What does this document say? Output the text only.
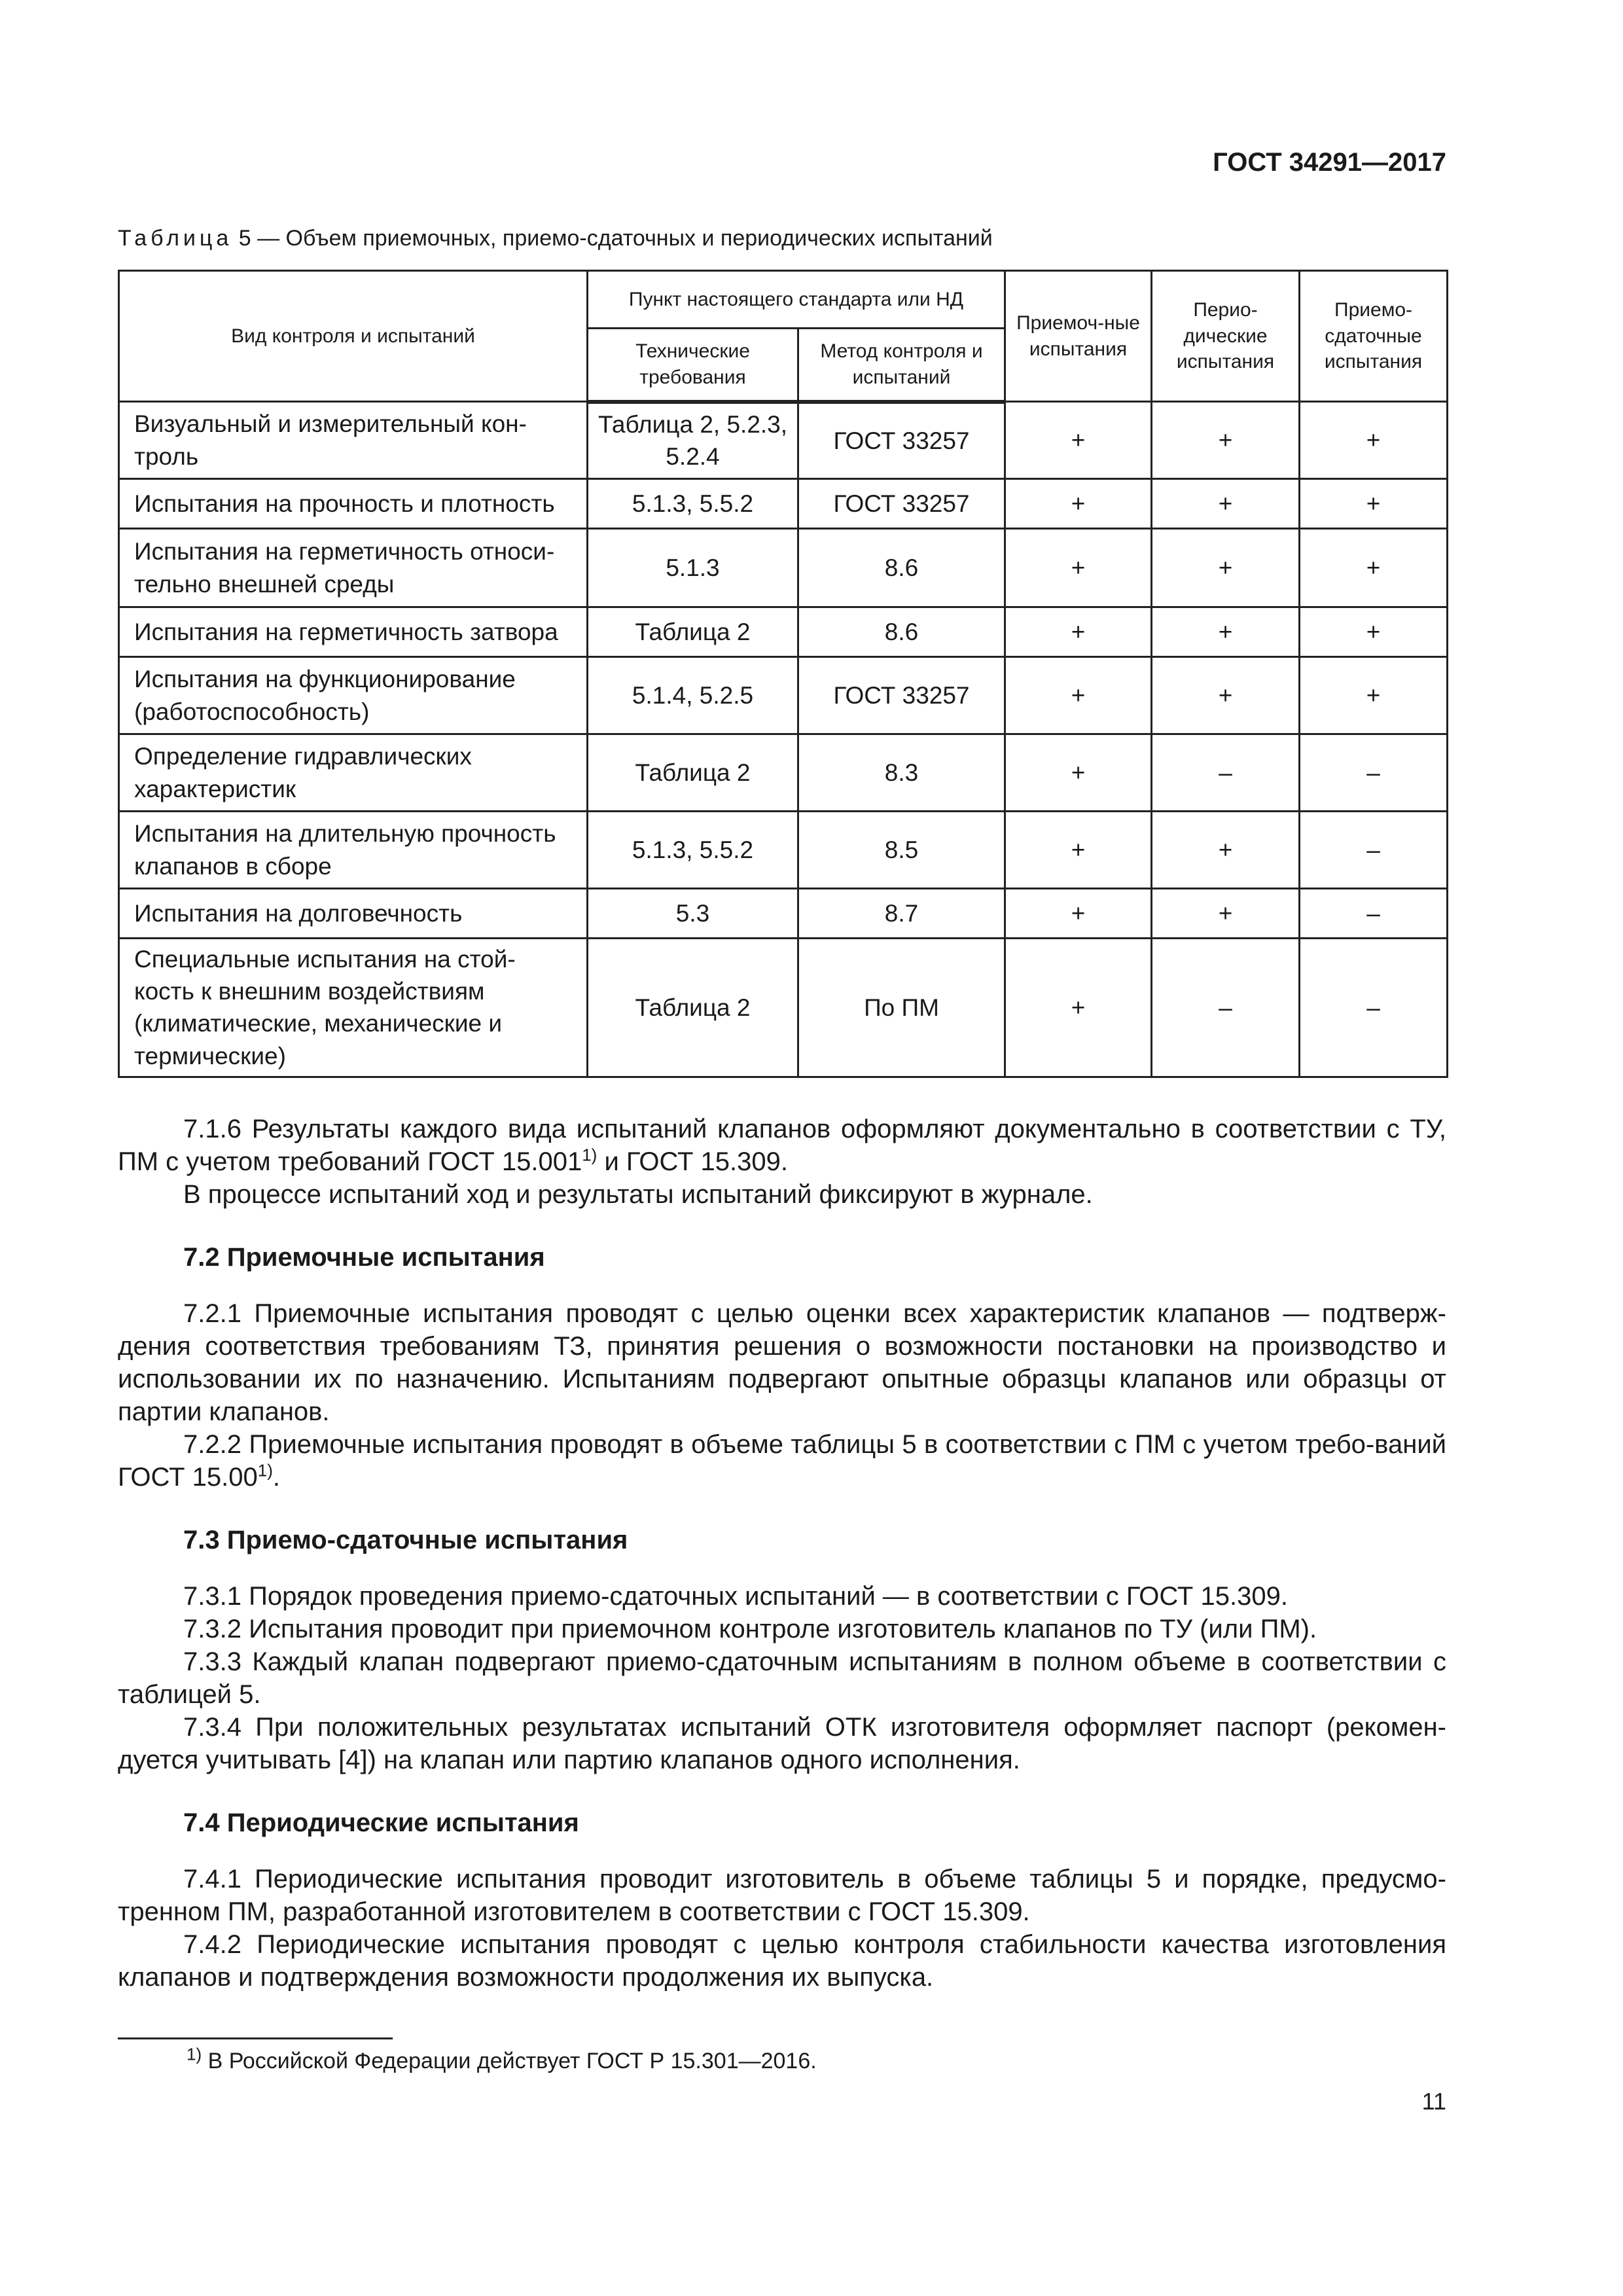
ГОСТ 34291—2017
Таблица 5 — Объем приемочных, приемо-сдаточных и периодических испытаний
Вид контроля и испытаний	Пункт настоящего стандарта или НД		Приемоч-ные испытания	Перио-дические испытания	Приемо-сдаточные испытания
	Технические требования	Метод контроля и испытаний			
Визуальный и измерительный кон-троль	Таблица 2, 5.2.3, 5.2.4	ГОСТ 33257	+	+	+
Испытания на прочность и плотность	5.1.3, 5.5.2	ГОСТ 33257	+	+	+
Испытания на герметичность относи-тельно внешней среды	5.1.3	8.6	+	+	+
Испытания на герметичность затвора	Таблица 2	8.6	+	+	+
Испытания на функционирование (работоспособность)	5.1.4, 5.2.5	ГОСТ 33257	+	+	+
Определение гидравлических характеристик	Таблица 2	8.3	+	–	–
Испытания на длительную прочность клапанов в сборе	5.1.3, 5.5.2	8.5	+	+	–
Испытания на долговечность	5.3	8.7	+	+	–
Специальные испытания на стой-кость к внешним воздействиям (климатические, механические и термические)	Таблица 2	По ПМ	+	–	–

7.1.6 Результаты каждого вида испытаний клапанов оформляют документально в соответствии с ТУ, ПМ с учетом требований ГОСТ 15.001$^{1)}$ и ГОСТ 15.309.

В процессе испытаний ход и результаты испытаний фиксируют в журнале.

7.2 Приемочные испытания

7.2.1 Приемочные испытания проводят с целью оценки всех характеристик клапанов — подтверж-дения соответствия требованиям ТЗ, принятия решения о возможности постановки на производство и использовании их по назначению. Испытаниям подвергают опытные образцы клапанов или образцы от партии клапанов.

7.2.2 Приемочные испытания проводят в объеме таблицы 5 в соответствии с ПМ с учетом требо-ваний ГОСТ 15.00$^{1)}$.

7.3 Приемо-сдаточные испытания

7.3.1 Порядок проведения приемо-сдаточных испытаний — в соответствии с ГОСТ 15.309.

7.3.2 Испытания проводит при приемочном контроле изготовитель клапанов по ТУ (или ПМ).

7.3.3 Каждый клапан подвергают приемо-сдаточным испытаниям в полном объеме в соответствии с таблицей 5.

7.3.4 При положительных результатах испытаний ОТК изготовителя оформляет паспорт (рекомен-дуется учитывать [4]) на клапан или партию клапанов одного исполнения.

7.4 Периодические испытания

7.4.1 Периодические испытания проводит изготовитель в объеме таблицы 5 и порядке, предусмо-тренном ПМ, разработанной изготовителем в соответствии с ГОСТ 15.309.

7.4.2 Периодические испытания проводят с целью контроля стабильности качества изготовления клапанов и подтверждения возможности продолжения их выпуска.

$^{1)}$ В Российской Федерации действует ГОСТ Р 15.301—2016.
11
